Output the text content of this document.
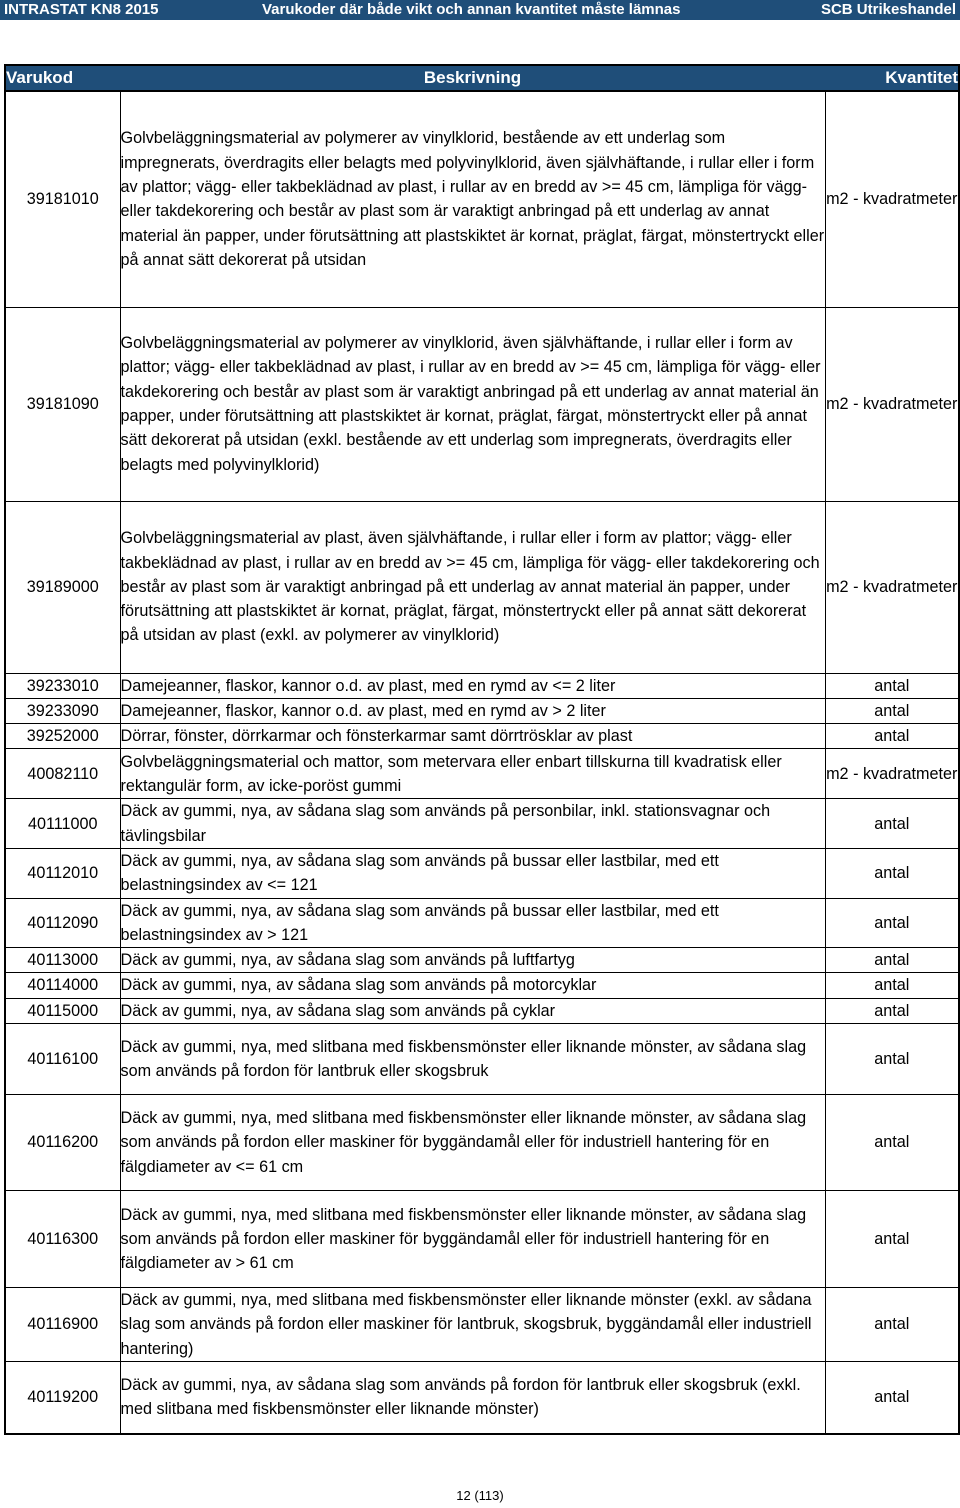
INTRASTAT KN8 2015	Varukoder där både vikt och annan kvantitet måste lämnas	SCB Utrikeshandel
Varukod	Beskrivning	Kvantitet
39181010	Golvbeläggningsmaterial av polymerer av vinylklorid, bestående av ett underlag som impregnerats, överdragits eller belagts med polyvinylklorid, även självhäftande, i rullar eller i form av plattor; vägg- eller takbeklädnad av plast, i rullar av en bredd av >= 45 cm, lämpliga för vägg- eller takdekorering och består av plast som är varaktigt anbringad på ett underlag av annat material än papper, under förutsättning att plastskiktet är kornat, präglat, färgat, mönstertryckt eller på annat sätt dekorerat på utsidan	m2 - kvadratmeter
39181090	Golvbeläggningsmaterial av polymerer av vinylklorid, även självhäftande, i rullar eller i form av plattor; vägg- eller takbeklädnad av plast, i rullar av en bredd av >= 45 cm, lämpliga för vägg- eller takdekorering och består av plast som är varaktigt anbringad på ett underlag av annat material än papper, under förutsättning att plastskiktet är kornat, präglat, färgat, mönstertryckt eller på annat sätt dekorerat på utsidan (exkl. bestående av ett underlag som impregnerats, överdragits eller belagts med polyvinylklorid)	m2 - kvadratmeter
39189000	Golvbeläggningsmaterial av plast, även självhäftande, i rullar eller i form av plattor; vägg- eller takbeklädnad av plast, i rullar av en bredd av >= 45 cm, lämpliga för vägg- eller takdekorering och består av plast som är varaktigt anbringad på ett underlag av annat material än papper, under förutsättning att plastskiktet är kornat, präglat, färgat, mönstertryckt eller på annat sätt dekorerat på utsidan av plast (exkl. av polymerer av vinylklorid)	m2 - kvadratmeter
39233010	Damejeanner, flaskor, kannor o.d. av plast, med en rymd av <= 2 liter	antal
39233090	Damejeanner, flaskor, kannor o.d. av plast, med en rymd av > 2 liter	antal
39252000	Dörrar, fönster, dörrkarmar och fönsterkarmar samt dörrtrösklar av plast	antal
40082110	Golvbeläggningsmaterial och mattor, som metervara eller enbart tillskurna till kvadratisk eller rektangulär form, av icke-poröst gummi	m2 - kvadratmeter
40111000	Däck av gummi, nya, av sådana slag som används på personbilar, inkl. stationsvagnar och tävlingsbilar	antal
40112010	Däck av gummi, nya, av sådana slag som används på bussar eller lastbilar, med ett belastningsindex av <= 121	antal
40112090	Däck av gummi, nya, av sådana slag som används på bussar eller lastbilar, med ett belastningsindex av > 121	antal
40113000	Däck av gummi, nya, av sådana slag som används på luftfartyg	antal
40114000	Däck av gummi, nya, av sådana slag som används på motorcyklar	antal
40115000	Däck av gummi, nya, av sådana slag som används på cyklar	antal
40116100	Däck av gummi, nya, med slitbana med fiskbensmönster eller liknande mönster, av sådana slag som används på fordon för lantbruk eller skogsbruk	antal
40116200	Däck av gummi, nya, med slitbana med fiskbensmönster eller liknande mönster, av sådana slag som används på fordon eller maskiner för byggändamål eller för industriell hantering för en fälgdiameter av <= 61 cm	antal
40116300	Däck av gummi, nya, med slitbana med fiskbensmönster eller liknande mönster, av sådana slag som används på fordon eller maskiner för byggändamål eller för industriell hantering för en fälgdiameter av > 61 cm	antal
40116900	Däck av gummi, nya, med slitbana med fiskbensmönster eller liknande mönster (exkl. av sådana slag som används på fordon eller maskiner för lantbruk, skogsbruk, byggändamål eller industriell hantering)	antal
40119200	Däck av gummi, nya, av sådana slag som används på fordon för lantbruk eller skogsbruk (exkl. med slitbana med fiskbensmönster eller liknande mönster)	antal
12 (113)
